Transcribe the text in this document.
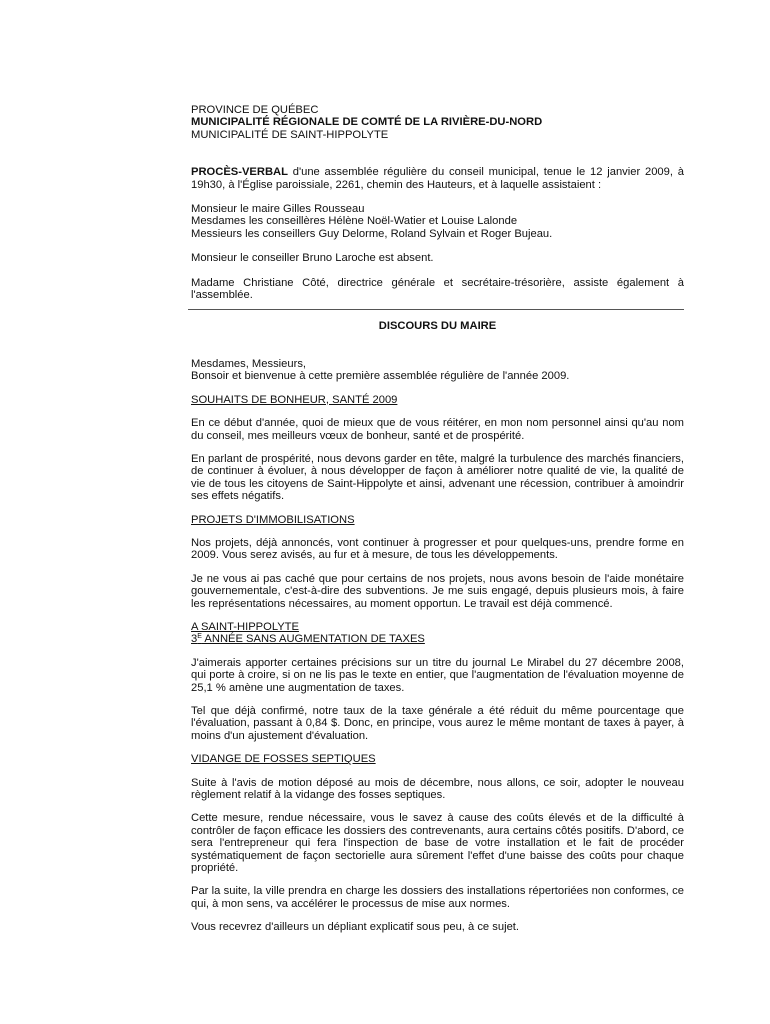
PROVINCE DE QUÉBEC
MUNICIPALITÉ RÉGIONALE DE COMTÉ DE LA RIVIÈRE-DU-NORD
MUNICIPALITÉ DE SAINT-HIPPOLYTE

PROCÈS-VERBAL d'une assemblée régulière du conseil municipal, tenue le 12 janvier 2009, à 19h30, à l'Église paroissiale, 2261, chemin des Hauteurs, et à laquelle assistaient :

Monsieur le maire Gilles Rousseau
Mesdames les conseillères Hélène Noël-Watier et Louise Lalonde
Messieurs les conseillers Guy Delorme, Roland Sylvain et Roger Bujeau.

Monsieur le conseiller Bruno Laroche est absent.

Madame Christiane Côté, directrice générale et secrétaire-trésorière, assiste également à l'assemblée.

DISCOURS DU MAIRE
Mesdames, Messieurs,
Bonsoir et bienvenue à cette première assemblée régulière de l'année 2009.
SOUHAITS DE BONHEUR, SANTÉ 2009

En ce début d'année, quoi de mieux que de vous réitérer, en mon nom personnel ainsi qu'au nom du conseil, mes meilleurs vœux de bonheur, santé et de prospérité.

En parlant de prospérité, nous devons garder en tête, malgré la turbulence des marchés financiers, de continuer à évoluer, à nous développer de façon à améliorer notre qualité de vie, la qualité de vie de tous les citoyens de Saint-Hippolyte et ainsi, advenant une récession, contribuer à amoindrir ses effets négatifs.

PROJETS D'IMMOBILISATIONS

Nos projets, déjà annoncés, vont continuer à progresser et pour quelques-uns, prendre forme en 2009. Vous serez avisés, au fur et à mesure, de tous les développements.

Je ne vous ai pas caché que pour certains de nos projets, nous avons besoin de l'aide monétaire gouvernementale, c'est-à-dire des subventions. Je me suis engagé, depuis plusieurs mois, à faire les représentations nécessaires, au moment opportun. Le travail est déjà commencé.

A SAINT-HIPPOLYTE
$3^E$ ANNÉE SANS AUGMENTATION DE TAXES

J'aimerais apporter certaines précisions sur un titre du journal Le Mirabel du 27 décembre 2008, qui porte à croire, si on ne lis pas le texte en entier, que l'augmentation de l'évaluation moyenne de 25,1 % amène une augmentation de taxes.

Tel que déjà confirmé, notre taux de la taxe générale a été réduit du même pourcentage que l'évaluation, passant à 0,84 $. Donc, en principe, vous aurez le même montant de taxes à payer, à moins d'un ajustement d'évaluation.

VIDANGE DE FOSSES SEPTIQUES

Suite à l'avis de motion déposé au mois de décembre, nous allons, ce soir, adopter le nouveau règlement relatif à la vidange des fosses septiques.

Cette mesure, rendue nécessaire, vous le savez à cause des coûts élevés et de la difficulté à contrôler de façon efficace les dossiers des contrevenants, aura certains côtés positifs. D'abord, ce sera l'entrepreneur qui fera l'inspection de base de votre installation et le fait de procéder systématiquement de façon sectorielle aura sûrement l'effet d'une baisse des coûts pour chaque propriété.

Par la suite, la ville prendra en charge les dossiers des installations répertoriées non conformes, ce qui, à mon sens, va accélérer le processus de mise aux normes.

Vous recevrez d'ailleurs un dépliant explicatif sous peu, à ce sujet.
